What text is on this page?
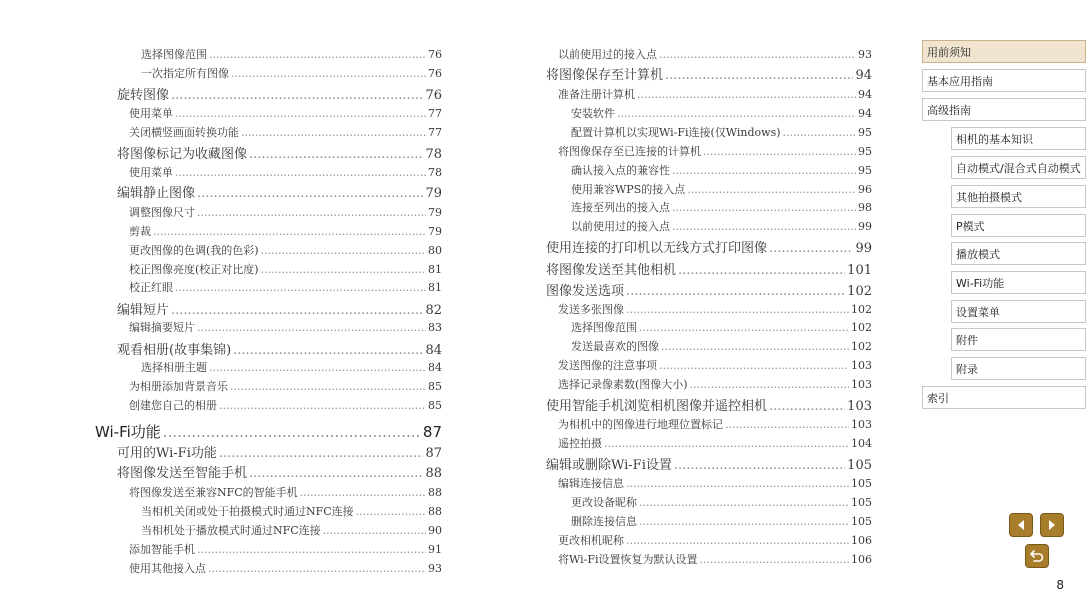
选择图像范围 .....	76
一次指定所有图像 .....	76
旋转图像 .....	76
使用菜单 .....	77
关闭横竖画面转换功能 .....	77
将图像标记为收藏图像 .....	78
使用菜单 .....	78
编辑静止图像 .....	79
调整图像尺寸 .....	79
剪裁 .....	79
更改图像的色调(我的色彩) .....	80
校正图像亮度(校正对比度) .....	81
校正红眼 .....	81
编辑短片 .....	82
编辑摘要短片 .....	83
观看相册(故事集锦) .....	84
选择相册主题 .....	84
为相册添加背景音乐 .....	85
创建您自己的相册 .....	85
Wi-Fi功能 .....	87
可用的Wi-Fi功能 .....	87
将图像发送至智能手机 .....	88
将图像发送至兼容NFC的智能手机 .....	88
当相机关闭或处于拍摄模式时通过NFC连接 .....	88
当相机处于播放模式时通过NFC连接 .....	90
添加智能手机 .....	91
使用其他接入点 .....	93
以前使用过的接入点 .....	93
将图像保存至计算机 .....	94
准备注册计算机 .....	94
安装软件 .....	94
配置计算机以实现Wi-Fi连接(仅Windows) .....	95
将图像保存至已连接的计算机 .....	95
确认接入点的兼容性 .....	95
使用兼容WPS的接入点 .....	96
连接至列出的接入点 .....	98
以前使用过的接入点 .....	99
使用连接的打印机以无线方式打印图像 .....	99
将图像发送至其他相机 .....	101
图像发送选项 .....	102
发送多张图像 .....	102
选择图像范围 .....	102
发送最喜欢的图像 .....	102
发送图像的注意事项 .....	103
选择记录像素数(图像大小) .....	103
使用智能手机浏览相机图像并遥控相机 .....	103
为相机中的图像进行地理位置标记 .....	103
遥控拍摄 .....	104
编辑或删除Wi-Fi设置 .....	105
编辑连接信息 .....	105
更改设备昵称 .....	105
删除连接信息 .....	105
更改相机昵称 .....	106
将Wi-Fi设置恢复为默认设置 .....	106
用前须知
基本应用指南
高级指南
相机的基本知识
自动模式/混合式自动模式
其他拍摄模式
P模式
播放模式
Wi-Fi功能
设置菜单
附件
附录
索引
8
